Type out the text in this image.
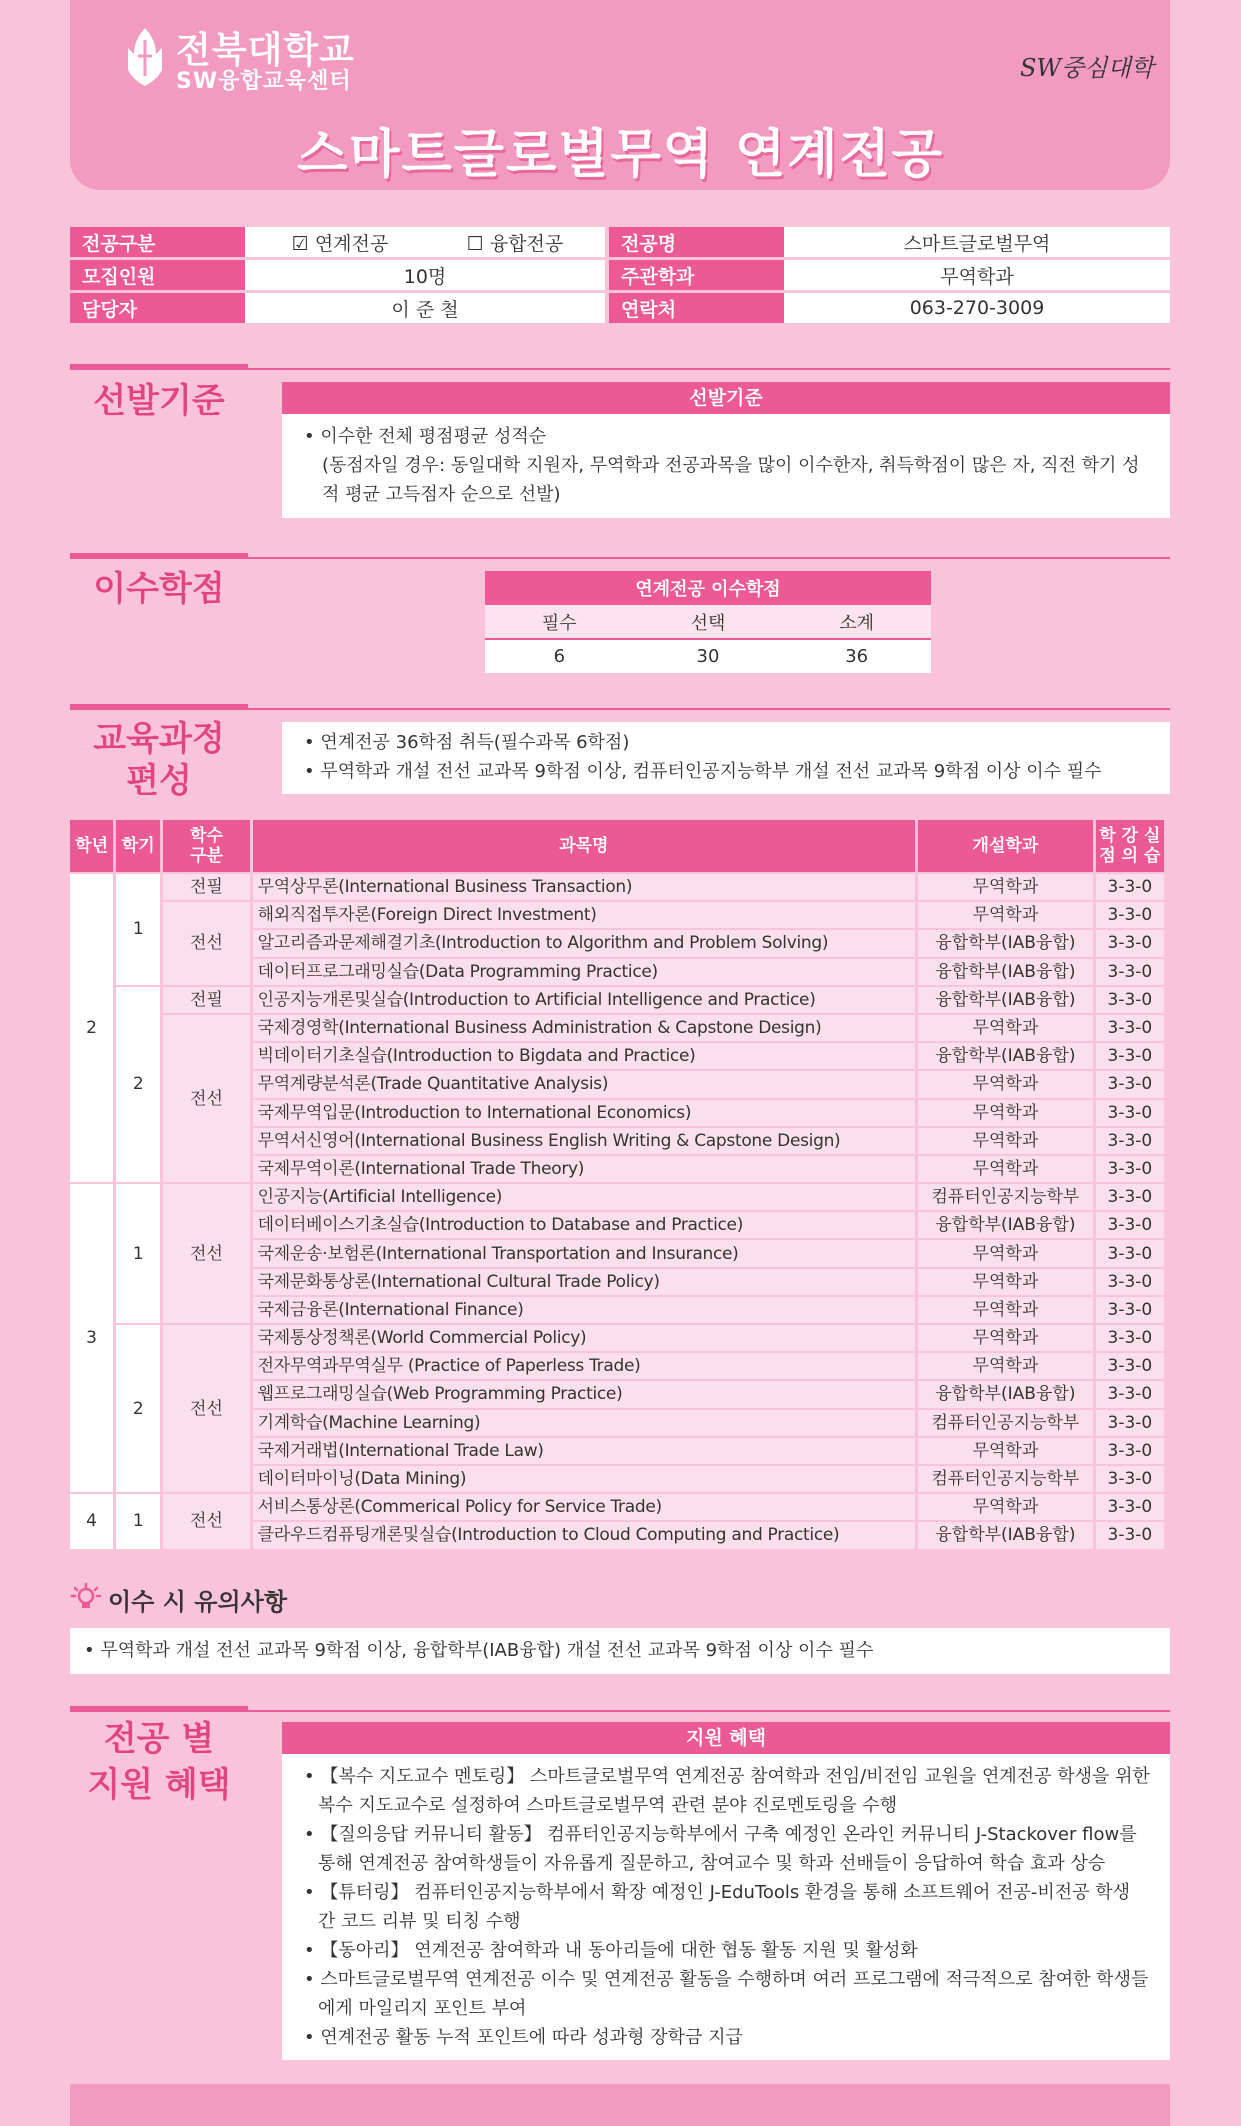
전북대학교
SW융합교육센터	SW중심대학
스마트글로벌무역 연계전공
전공구분	☑ 연계전공 ☐ 융합전공		전공명	스마트글로벌무역
모집인원	10명		주관학과	무역학과
담당자	이 준 철		연락처	063-270-3009
선발기준	선발기준
• 이수한 전체 평점평균 성적순
(동점자일 경우: 동일대학 지원자, 무역학과 전공과목을 많이 이수한자, 취득학점이 많은 자, 직전 학기 성적 평균 고득점자 순으로 선발)
이수학점	연계전공 이수학점		
필수	선택	소계
6	30	36
교육과정
편성
• 연계전공 36학점 취득(필수과목 6학점)
• 무역학과 개설 전선 교과목 9학점 이상, 컴퓨터인공지능학부 개설 전선 교과목 9학점 이상 이수 필수
학년	학기	학수
구분	과목명	개설학과	학 강 실
점 의 습
2	1	전필	무역상무론(International Business Transaction)	무역학과	3-3-0
		전선	해외직접투자론(Foreign Direct Investment)	무역학과	3-3-0
			알고리즘과문제해결기초(Introduction to Algorithm and Problem Solving)	융합학부(IAB융합)	3-3-0
			데이터프로그래밍실습(Data Programming Practice)	융합학부(IAB융합)	3-3-0
	2	전필	인공지능개론및실습(Introduction to Artificial Intelligence and Practice)	융합학부(IAB융합)	3-3-0
		전선	국제경영학(International Business Administration & Capstone Design)	무역학과	3-3-0
			빅데이터기초실습(Introduction to Bigdata and Practice)	융합학부(IAB융합)	3-3-0
			무역계량분석론(Trade Quantitative Analysis)	무역학과	3-3-0
			국제무역입문(Introduction to International Economics)	무역학과	3-3-0
			무역서신영어(International Business English Writing & Capstone Design)	무역학과	3-3-0
			국제무역이론(International Trade Theory)	무역학과	3-3-0
3	1	전선	인공지능(Artificial Intelligence)	컴퓨터인공지능학부	3-3-0
			데이터베이스기초실습(Introduction to Database and Practice)	융합학부(IAB융합)	3-3-0
			국제운송·보험론(International Transportation and Insurance)	무역학과	3-3-0
			국제문화통상론(International Cultural Trade Policy)	무역학과	3-3-0
			국제금융론(International Finance)	무역학과	3-3-0
	2	전선	국제통상정책론(World Commercial Policy)	무역학과	3-3-0
			전자무역과무역실무 (Practice of Paperless Trade)	무역학과	3-3-0
			웹프로그래밍실습(Web Programming Practice)	융합학부(IAB융합)	3-3-0
			기계학습(Machine Learning)	컴퓨터인공지능학부	3-3-0
			국제거래법(International Trade Law)	무역학과	3-3-0
			데이터마이닝(Data Mining)	컴퓨터인공지능학부	3-3-0
4	1	전선	서비스통상론(Commerical Policy for Service Trade)	무역학과	3-3-0
			클라우드컴퓨팅개론및실습(Introduction to Cloud Computing and Practice)	융합학부(IAB융합)	3-3-0
이수 시 유의사항
• 무역학과 개설 전선 교과목 9학점 이상, 융합학부(IAB융합) 개설 전선 교과목 9학점 이상 이수 필수
전공 별
지원 혜택
지원 혜택
• 【복수 지도교수 멘토링】 스마트글로벌무역 연계전공 참여학과 전임/비전임 교원을 연계전공 학생을 위한 복수 지도교수로 설정하여 스마트글로벌무역 관련 분야 진로멘토링을 수행
• 【질의응답 커뮤니티 활동】 컴퓨터인공지능학부에서 구축 예정인 온라인 커뮤니티 J-Stackover flow를 통해 연계전공 참여학생들이 자유롭게 질문하고, 참여교수 및 학과 선배들이 응답하여 학습 효과 상승
• 【튜터링】 컴퓨터인공지능학부에서 확장 예정인 J-EduTools 환경을 통해 소프트웨어 전공-비전공 학생 간 코드 리뷰 및 티칭 수행
• 【동아리】 연계전공 참여학과 내 동아리들에 대한 협동 활동 지원 및 활성화
• 스마트글로벌무역 연계전공 이수 및 연계전공 활동을 수행하며 여러 프로그램에 적극적으로 참여한 학생들에게 마일리지 포인트 부여
• 연계전공 활동 누적 포인트에 따라 성과형 장학금 지급
